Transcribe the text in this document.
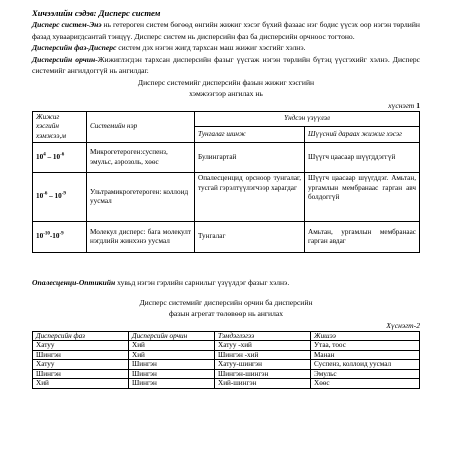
Хичээлийн сэдэв: Дисперс систем

Дисперс систем-Энэ нь гетероген систем бөгөөд өнгийн жижиг хэсэг бүхий фазаас нэг бодис үүсэх оор нэгэн төрлийн фазад хувааригдсантай тэнцүү. Дисперс систем нь дисперсийн фаз ба дисперсийн орчноос тогтоно.

Дисперсийн фаз-Дисперс систем дэх нэгэн жигд тархсан маш жижиг хэсгийг хэлнэ.

Дисперсийн орчин-Жижиглэгдэн тархсан дисперсийн фазыг үүсгаж нэгэн төрлийн бүтэц үүсгэхийг хэлнэ. Дисперс системийг ангилдоггүй нь ангилдаг.

Дисперс системийг дисперсийн фазын жижиг хэсгийн

хэмжээгээр ангилах нь

хүснэгт 1

Жижиг хэсгийн хэмжээ,м	Системийн нэр	Үндсэн үзүүлэл	
		Тунгалаг шинж	Шүүсний дараах жижиг хэсэг
$10^4 - 10^{-6}$	Микрогетероген:суспенз, эмульс, аэрозоль, хөөс	Булингартай	Шүүгч цаасаар шүүгддэггүй
$10^{-6} - 10^{-9}$	Ультрамикрогетероген: коллоид уусмал	Опалесценцид орсноор тунгалаг, тусгай гэрэлтүүлэгчээр харагдаг	Шүүгч цаасаар шүүгддэг. Амьтан, ургамлын мембранаас гарган авч болдоггүй
$10^{-10}-10^{-9}$	Молекул дисперс: бага молекулт нэгдлийн жинхэнэ уусмал	Тунгалаг	Амьтан, ургамлын мембранаас гарган авдаг

Опалесценци-Оптикийн хувьд нэгэн гэрлийн сарнилыг үзүүлдэг фазыг хэлнэ.

Дисперс системийг дисперсийн орчин ба дисперсийн

фазын агрегат төлөвөөр нь ангилах

Хүснэгт-2

Дисперсийн фаз	Дисперсийн орчин	Тэмдэглэгээ	Жишээ
Хатуу	Хий	Хатуу -хий	Утаа, тоос
Шингэн	Хий	Шингэн -хий	Манан
Хатуу	Шингэн	Хатуу-шингэн	Суспенз, коллоид уусмал
Шингэн	Шингэн	Шингэн-шингэн	Эмульс
Хий	Шингэн	Хий-шингэн	Хөөс
